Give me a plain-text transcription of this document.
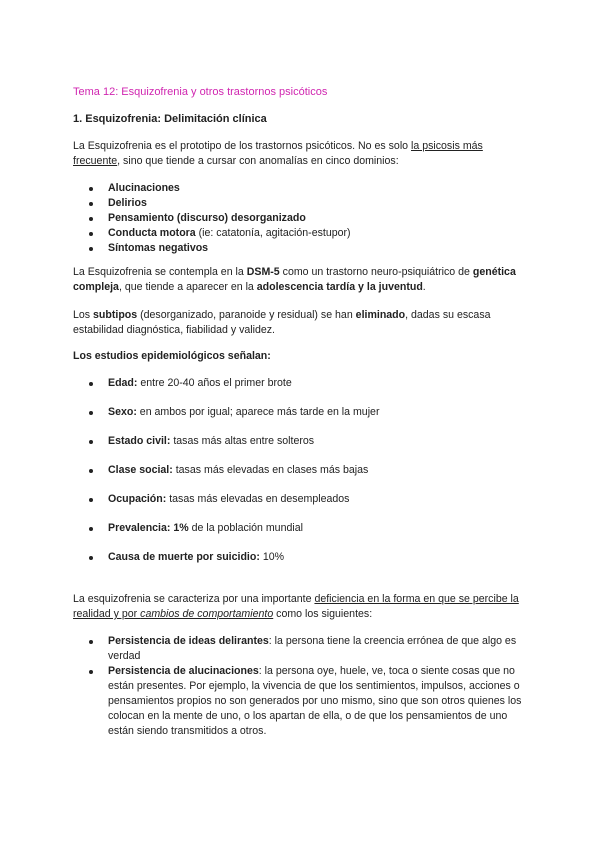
Tema 12: Esquizofrenia y otros trastornos psicóticos
1. Esquizofrenia: Delimitación clínica

La Esquizofrenia es el prototipo de los trastornos psicóticos. No es solo la psicosis más frecuente, sino que tiende a cursar con anomalías en cinco dominios:

Alucinaciones
Delirios
Pensamiento (discurso) desorganizado
Conducta motora (ie: catatonía, agitación-estupor)
Síntomas negativos

La Esquizofrenia se contempla en la DSM-5 como un trastorno neuro-psiquiátrico de genética compleja, que tiende a aparecer en la adolescencia tardía y la juventud.

Los subtipos (desorganizado, paranoide y residual) se han eliminado, dadas su escasa estabilidad diagnóstica, fiabilidad y validez.

Los estudios epidemiológicos señalan:
Edad: entre 20-40 años el primer brote
Sexo: en ambos por igual; aparece más tarde en la mujer
Estado civil: tasas más altas entre solteros
Clase social: tasas más elevadas en clases más bajas
Ocupación: tasas más elevadas en desempleados
Prevalencia: 1% de la población mundial
Causa de muerte por suicidio: 10%

La esquizofrenia se caracteriza por una importante deficiencia en la forma en que se percibe la realidad y por cambios de comportamiento como los siguientes:

Persistencia de ideas delirantes: la persona tiene la creencia errónea de que algo es verdad
Persistencia de alucinaciones: la persona oye, huele, ve, toca o siente cosas que no están presentes. Por ejemplo, la vivencia de que los sentimientos, impulsos, acciones o pensamientos propios no son generados por uno mismo, sino que son otros quienes los colocan en la mente de uno, o los apartan de ella, o de que los pensamientos de uno están siendo transmitidos a otros.
